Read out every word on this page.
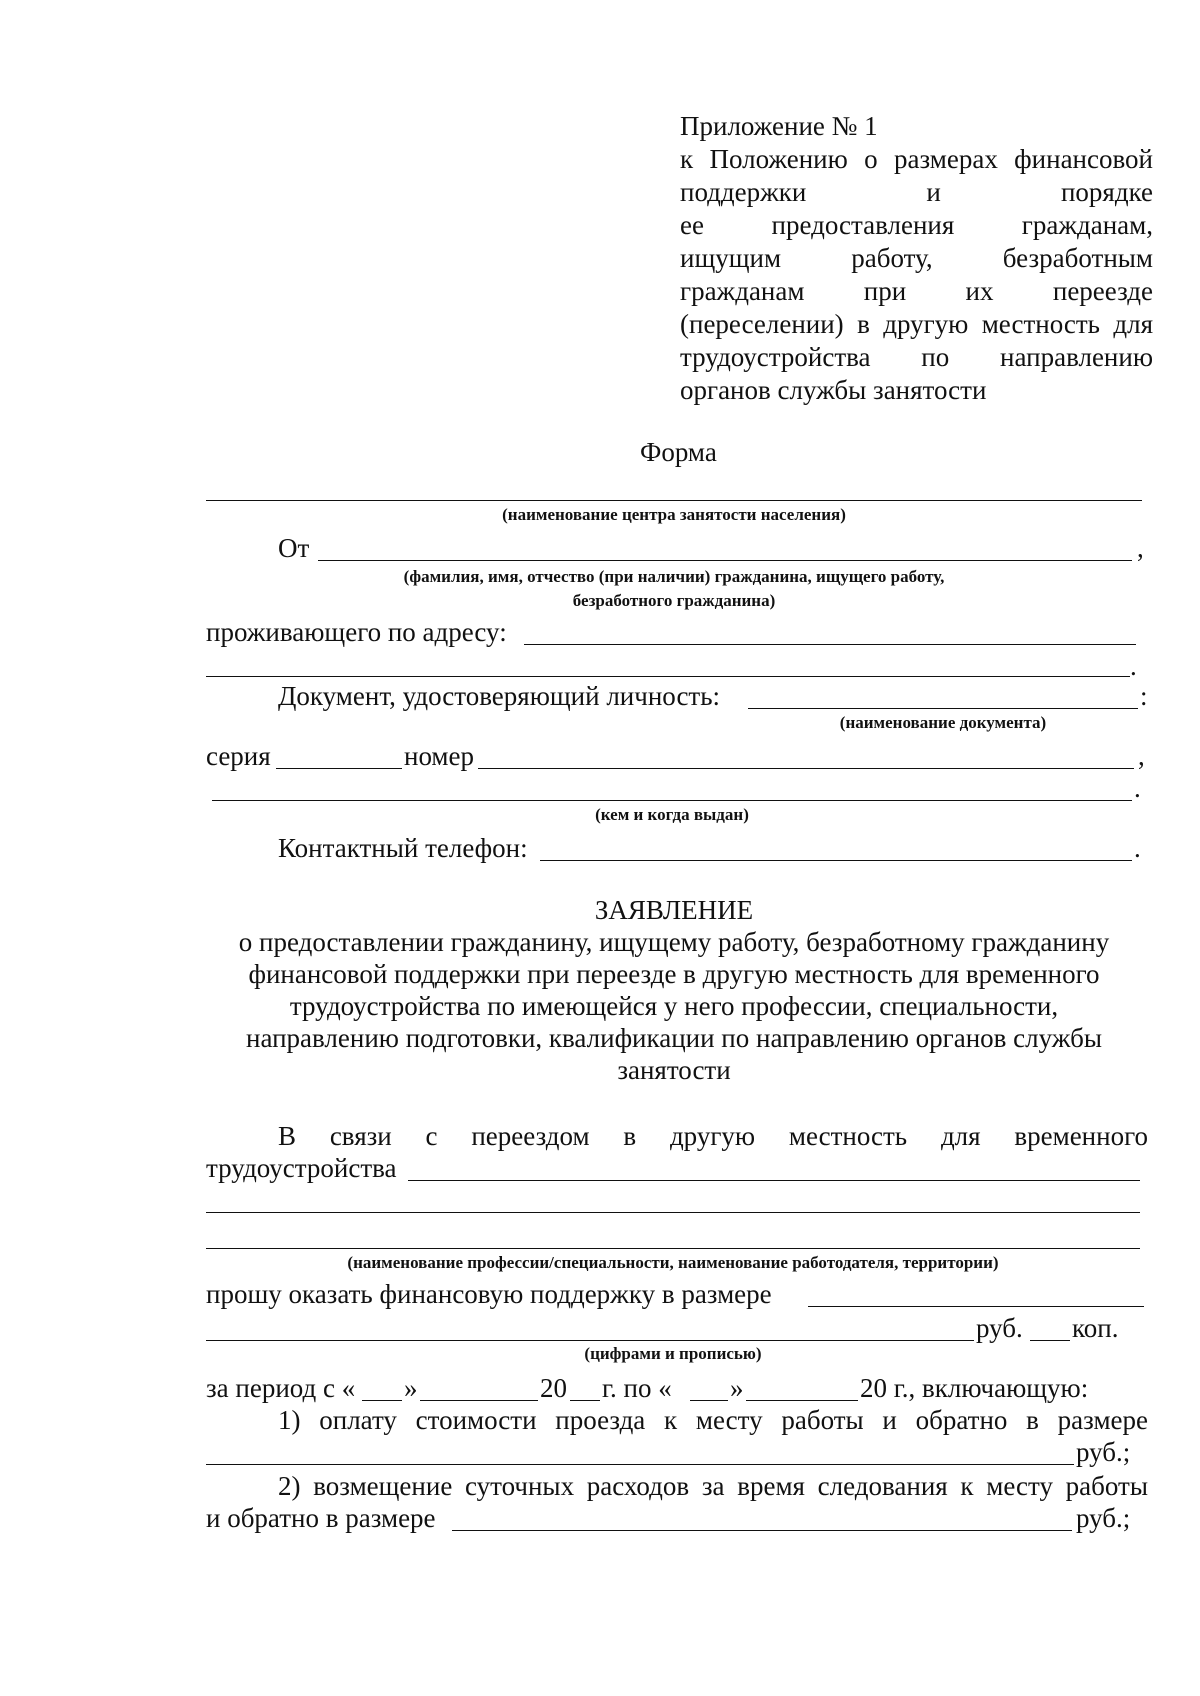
Приложение № 1
к Положению о размерах финансовой
поддержки и порядке
ее предоставления гражданам,
ищущим работу, безработным
гражданам при их переезде
(переселении) в другую местность для
трудоустройства по направлению
органов службы занятости
Форма
(наименование центра занятости населения)
От	,
(фамилия, имя, отчество (при наличии) гражданина, ищущего работу,
безработного гражданина)
проживающего по адресу:
.
Документ, удостоверяющий личность:	:
(наименование документа)
серия	номер	,
.
(кем и когда выдан)
Контактный телефон:	.
ЗАЯВЛЕНИЕ
о предоставлении гражданину, ищущему работу, безработному гражданину
финансовой поддержки при переезде в другую местность для временного
трудоустройства по имеющейся у него профессии, специальности,
направлению подготовки, квалификации по направлению органов службы
занятости
В связи с переездом в другую местность для временного
трудоустройства
(наименование профессии/специальности, наименование работодателя, территории)
прошу оказать финансовую поддержку в размере
руб. коп.
(цифрами и прописью)
за период с « »	20 г. по « »	20 г., включающую:
1) оплату стоимости проезда к месту работы и обратно в размере
руб.;
2) возмещение суточных расходов за время следования к месту работы
и обратно в размере	руб.;
